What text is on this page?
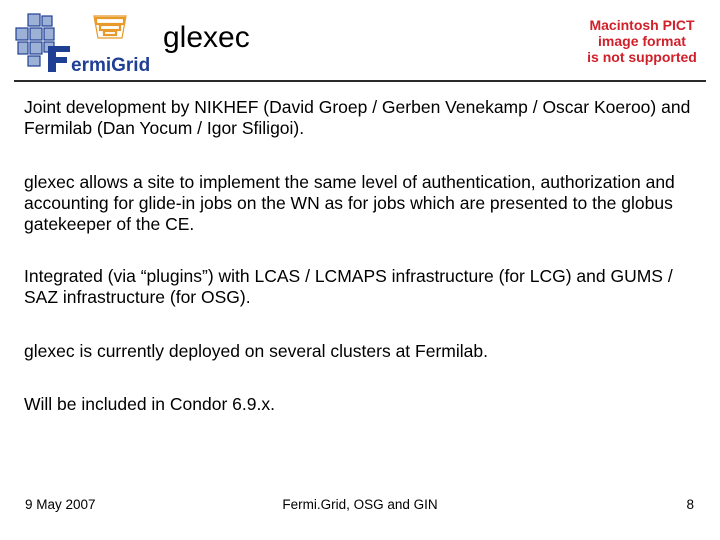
ermiGrid
glexec	Macintosh PICT
image format
is not supported

Joint development by NIKHEF (David Groep / Gerben Venekamp / Oscar Koeroo) and Fermilab (Dan Yocum / Igor Sfiligoi).

glexec allows a site to implement the same level of authentication, authorization and accounting for glide-in jobs on the WN as for jobs which are presented to the globus gatekeeper of the CE.

Integrated (via “plugins”) with LCAS / LCMAPS infrastructure (for LCG) and GUMS / SAZ infrastructure (for OSG).

glexec is currently deployed on several clusters at Fermilab.

Will be included in Condor 6.9.x.

9 May 2007	Fermi.Grid, OSG and GIN	8
